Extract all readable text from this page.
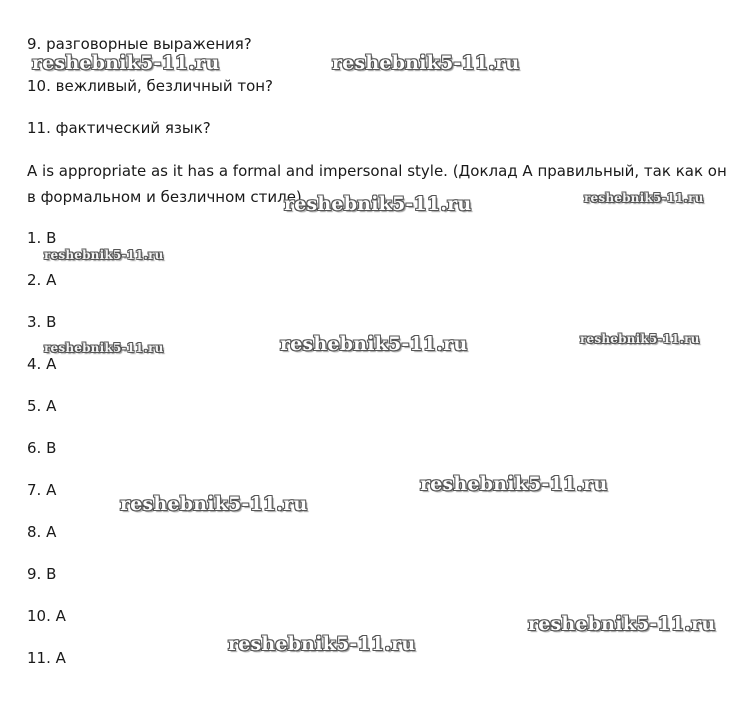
9. разговорные выражения?
10. вежливый, безличный тон?
11. фактический язык?
A is appropriate as it has a formal and impersonal style. (Доклад А правильный, так как он в формальном и безличном стиле)
1. B
2. A
3. B
4. A
5. A
6. B
7. A
8. A
9. B
10. A
11. A
reshebnik5-11.ru	reshebnik5-11.ru
reshebnik5-11.ru	reshebnik5-11.ru
reshebnik5-11.ru
reshebnik5-11.ru	reshebnik5-11.ru
reshebnik5-11.ru
reshebnik5-11.ru
reshebnik5-11.ru
reshebnik5-11.ru
reshebnik5-11.ru
